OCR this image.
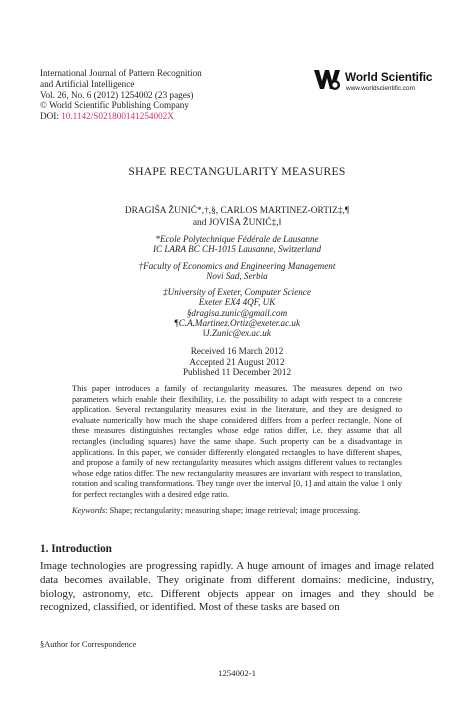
International Journal of Pattern Recognition
and Artificial Intelligence
Vol. 26, No. 6 (2012) 1254002 (23 pages)
© World Scientific Publishing Company
DOI: 10.1142/S021800141254002X
World Scientific
www.worldscientific.com
SHAPE RECTANGULARITY MEASURES
DRAGIŠA ŽUNIĆ*,†,§, CARLOS MARTINEZ-ORTIZ‡,¶
and JOVIŠA ŽUNIĆ‡,‖
*Ecole Polytechnique Fédérale de Lausanne
IC LARA BC CH-1015 Lausanne, Switzerland
†Faculty of Economics and Engineering Management
Novi Sad, Serbia
‡University of Exeter, Computer Science
Exeter EX4 4QF, UK
§dragisa.zunic@gmail.com
¶C.A.Martinez.Ortiz@exeter.ac.uk
‖J.Zunic@ex.ac.uk
Received 16 March 2012
Accepted 21 August 2012
Published 11 December 2012
This paper introduces a family of rectangularity measures. The measures depend on two parameters which enable their flexibility, i.e. the possibility to adapt with respect to a concrete application. Several rectangularity measures exist in the literature, and they are designed to evaluate numerically how much the shape considered differs from a perfect rectangle. None of these measures distinguishes rectangles whose edge ratios differ, i.e. they assume that all rectangles (including squares) have the same shape. Such property can be a disadvantage in applications. In this paper, we consider differently elongated rectangles to have different shapes, and propose a family of new rectangularity measures which assigns different values to rectangles whose edge ratios differ. The new rectangularity measures are invariant with respect to translation, rotation and scaling transformations. They range over the interval [0, 1] and attain the value 1 only for perfect rectangles with a desired edge ratio.
Keywords: Shape; rectangularity; measuring shape; image retrieval; image processing.
1. Introduction
Image technologies are progressing rapidly. A huge amount of images and image related data becomes available. They originate from different domains: medicine, industry, biology, astronomy, etc. Different objects appear on images and they should be recognized, classified, or identified. Most of these tasks are based on
§Author for Correspondence
1254002-1
